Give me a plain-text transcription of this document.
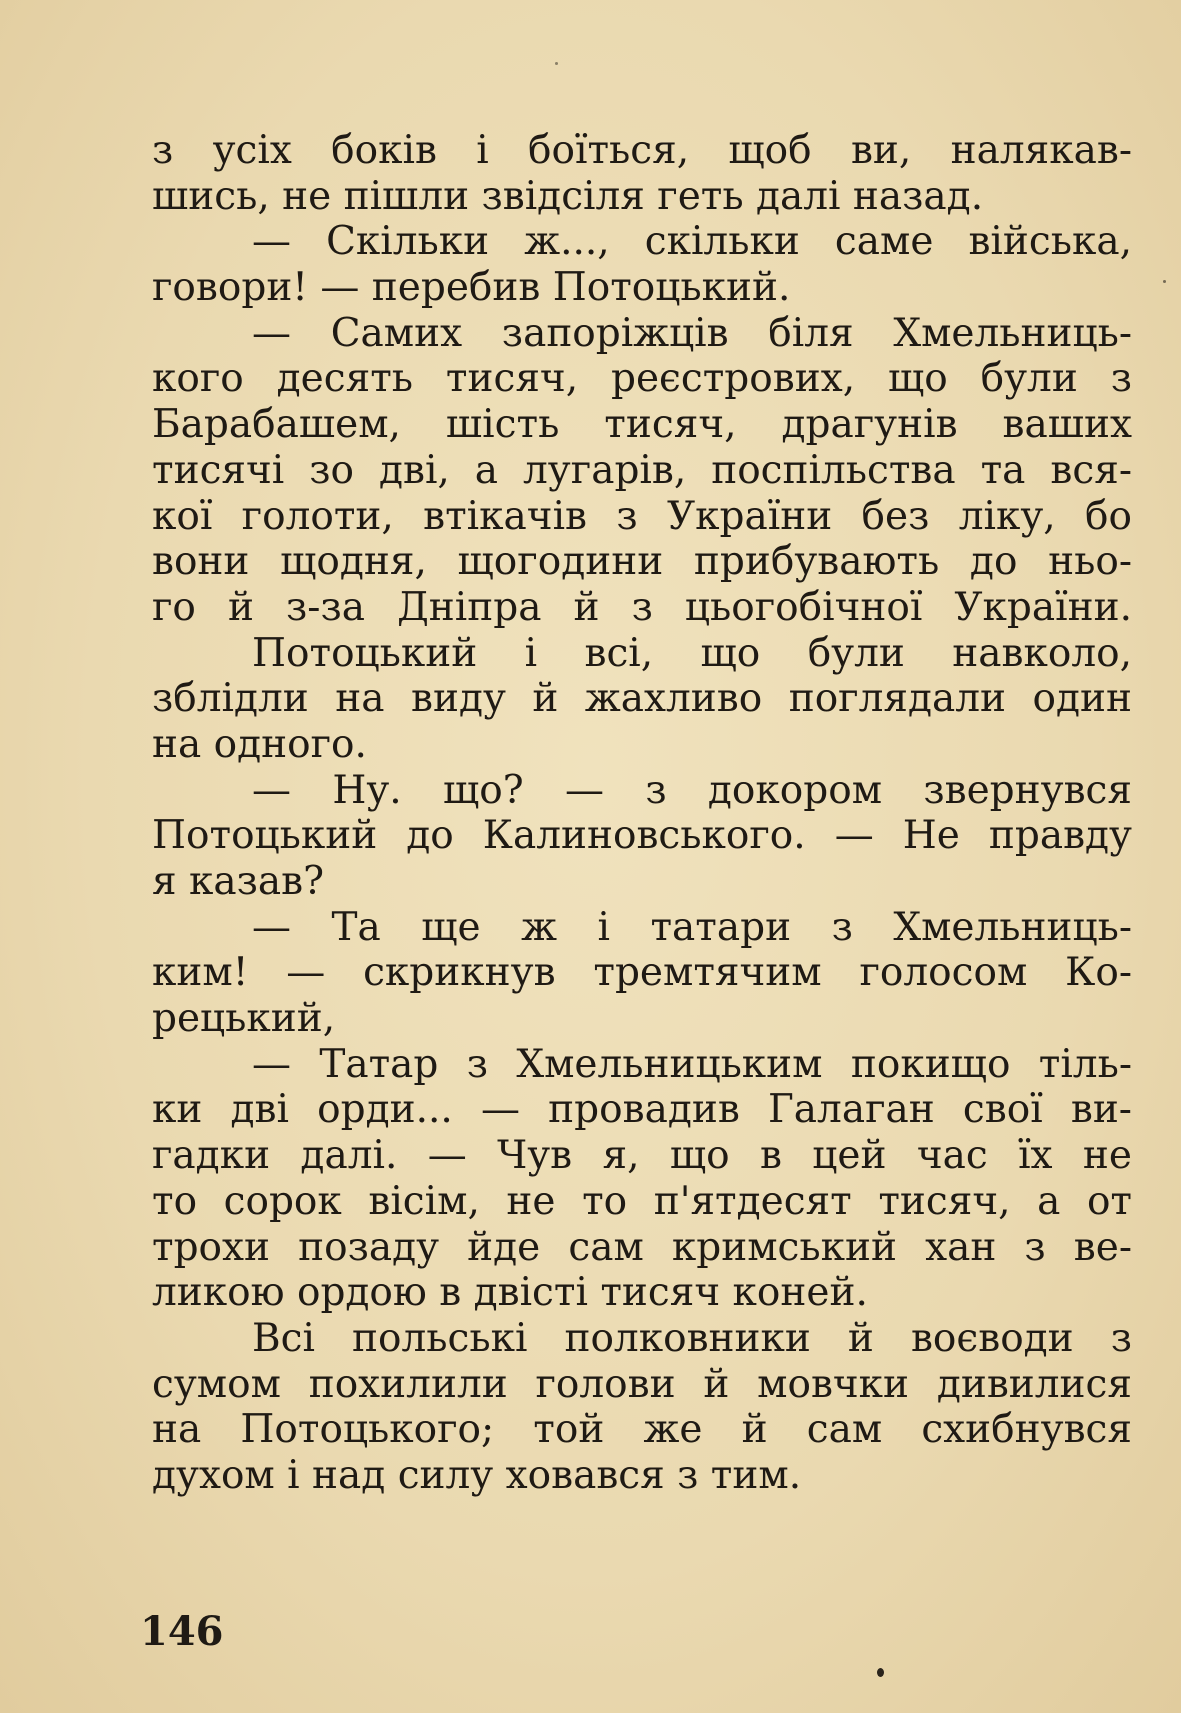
з усіх боків і боїться, щоб ви, налякав-
шись, не пішли звідсіля геть далі назад.
— Скільки ж..., скільки саме війська,
говори! — перебив Потоцький.
— Самих запоріжців біля Хмельниць-
кого десять тисяч, реєстрових, що були з
Барабашем, шість тисяч, драгунів ваших
тисячі зо дві, а лугарів, поспільства та вся-
кої голоти, втікачів з України без ліку, бо
вони щодня, щогодини прибувають до ньо-
го й з-за Дніпра й з цьогобічної України.
Потоцький і всі, що були навколо,
зблідли на виду й жахливо поглядали один
на одного.
— Ну. що? — з докором звернувся
Потоцький до Калиновського. — Не правду
я казав?
— Та ще ж і татари з Хмельниць-
ким! — скрикнув тремтячим голосом Ко-
рецький,
— Татар з Хмельницьким покищо тіль-
ки дві орди... — провадив Галаган свої ви-
гадки далі. — Чув я, що в цей час їх не
то сорок вісім, не то п'ятдесят тисяч, а от
трохи позаду йде сам кримський хан з ве-
ликою ордою в двісті тисяч коней.
Всі польські полковники й воєводи з
сумом похилили голови й мовчки дивилися
на Потоцького; той же й сам схибнувся
духом і над силу ховався з тим.
146
